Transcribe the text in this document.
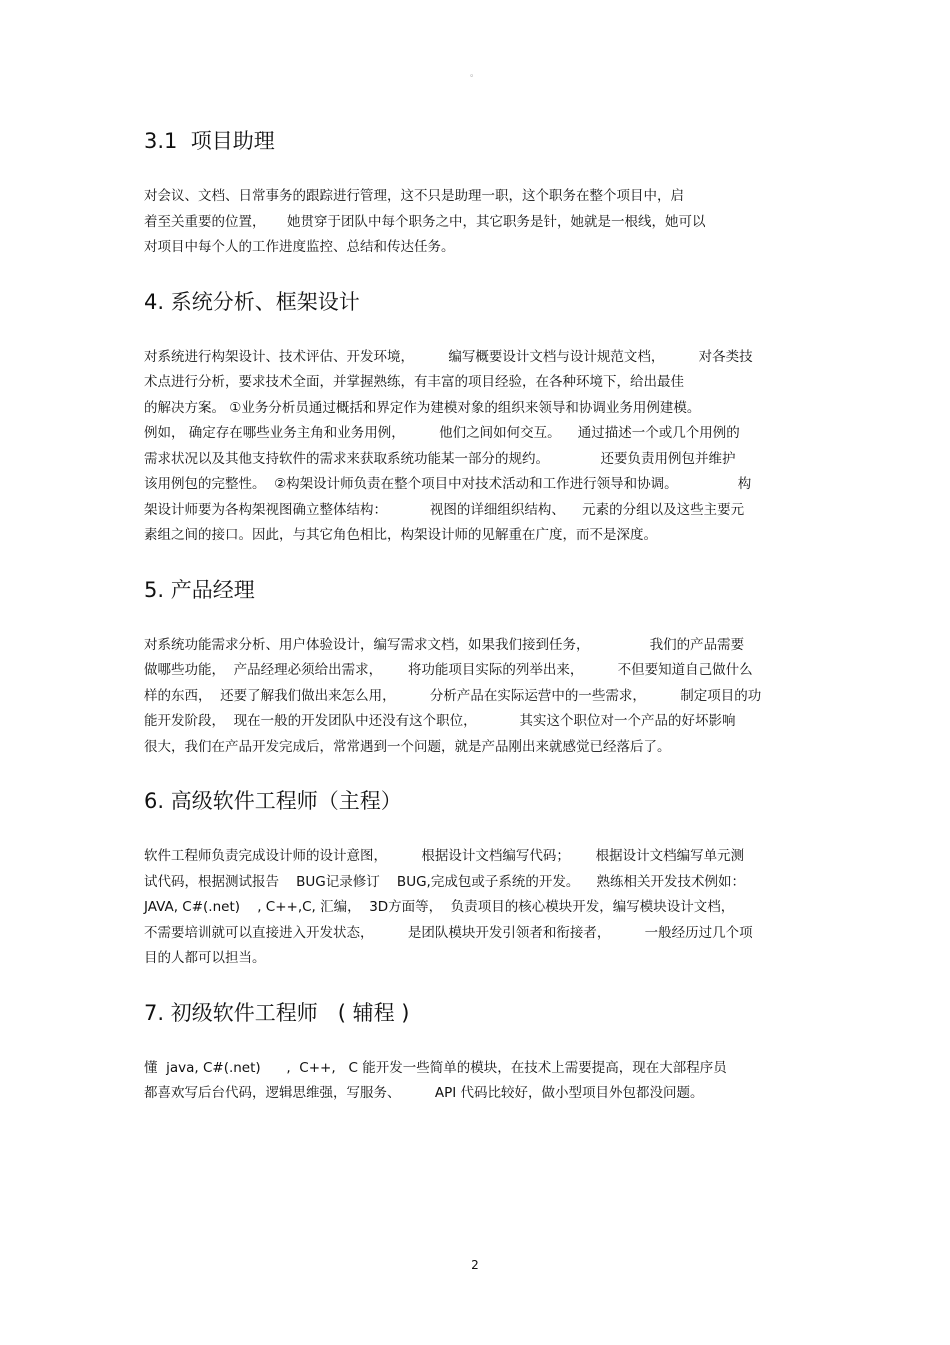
。
3.1  项目助理
对会议、文档、日常事务的跟踪进行管理，这不只是助理一职，这个职务在整个项目中，启
着至关重要的位置，     她贯穿于团队中每个职务之中，其它职务是针，她就是一根线，她可以
对项目中每个人的工作进度监控、总结和传达任务。
4. 系统分析、框架设计
对系统进行构架设计、技术评估、开发环境，        编写概要设计文档与设计规范文档，        对各类技
术点进行分析，要求技术全面，并掌握熟练，有丰富的项目经验，在各种环境下，给出最佳
的解决方案。 ①业务分析员通过概括和界定作为建模对象的组织来领导和协调业务用例建模。
例如， 确定存在哪些业务主角和业务用例，        他们之间如何交互。    通过描述一个或几个用例的
需求状况以及其他支持软件的需求来获取系统功能某一部分的规约。            还要负责用例包并维护
该用例包的完整性。  ②构架设计师负责在整个项目中对技术活动和工作进行领导和协调。              构
架设计师要为各构架视图确立整体结构：          视图的详细组织结构、    元素的分组以及这些主要元
素组之间的接口。因此，与其它角色相比，构架设计师的见解重在广度，而不是深度。
5. 产品经理
对系统功能需求分析、用户体验设计，编写需求文档，如果我们接到任务，              我们的产品需要
做哪些功能，  产品经理必须给出需求，      将功能项目实际的列举出来，        不但要知道自己做什么
样的东西，  还要了解我们做出来怎么用，        分析产品在实际运营中的一些需求，        制定项目的功
能开发阶段，  现在一般的开发团队中还没有这个职位，          其实这个职位对一个产品的好坏影响
很大，我们在产品开发完成后，常常遇到一个问题，就是产品刚出来就感觉已经落后了。
6. 高级软件工程师（主程）
软件工程师负责完成设计师的设计意图，        根据设计文档编写代码；      根据设计文档编写单元测
试代码，根据测试报告    BUG记录修订    BUG,完成包或子系统的开发。    熟练相关开发技术例如：
JAVA, C#(.net)    , C++,C, 汇编，  3D方面等，  负责项目的核心模块开发，编写模块设计文档，
不需要培训就可以直接进入开发状态，        是团队模块开发引领者和衔接者，        一般经历过几个项
目的人都可以担当。
7. 初级软件工程师   ( 辅程 )
懂  java, C#(.net)      ,  C++,   C 能开发一些简单的模块，在技术上需要提高，现在大部程序员
都喜欢写后台代码，逻辑思维强，写服务、        API 代码比较好，做小型项目外包都没问题。
2
